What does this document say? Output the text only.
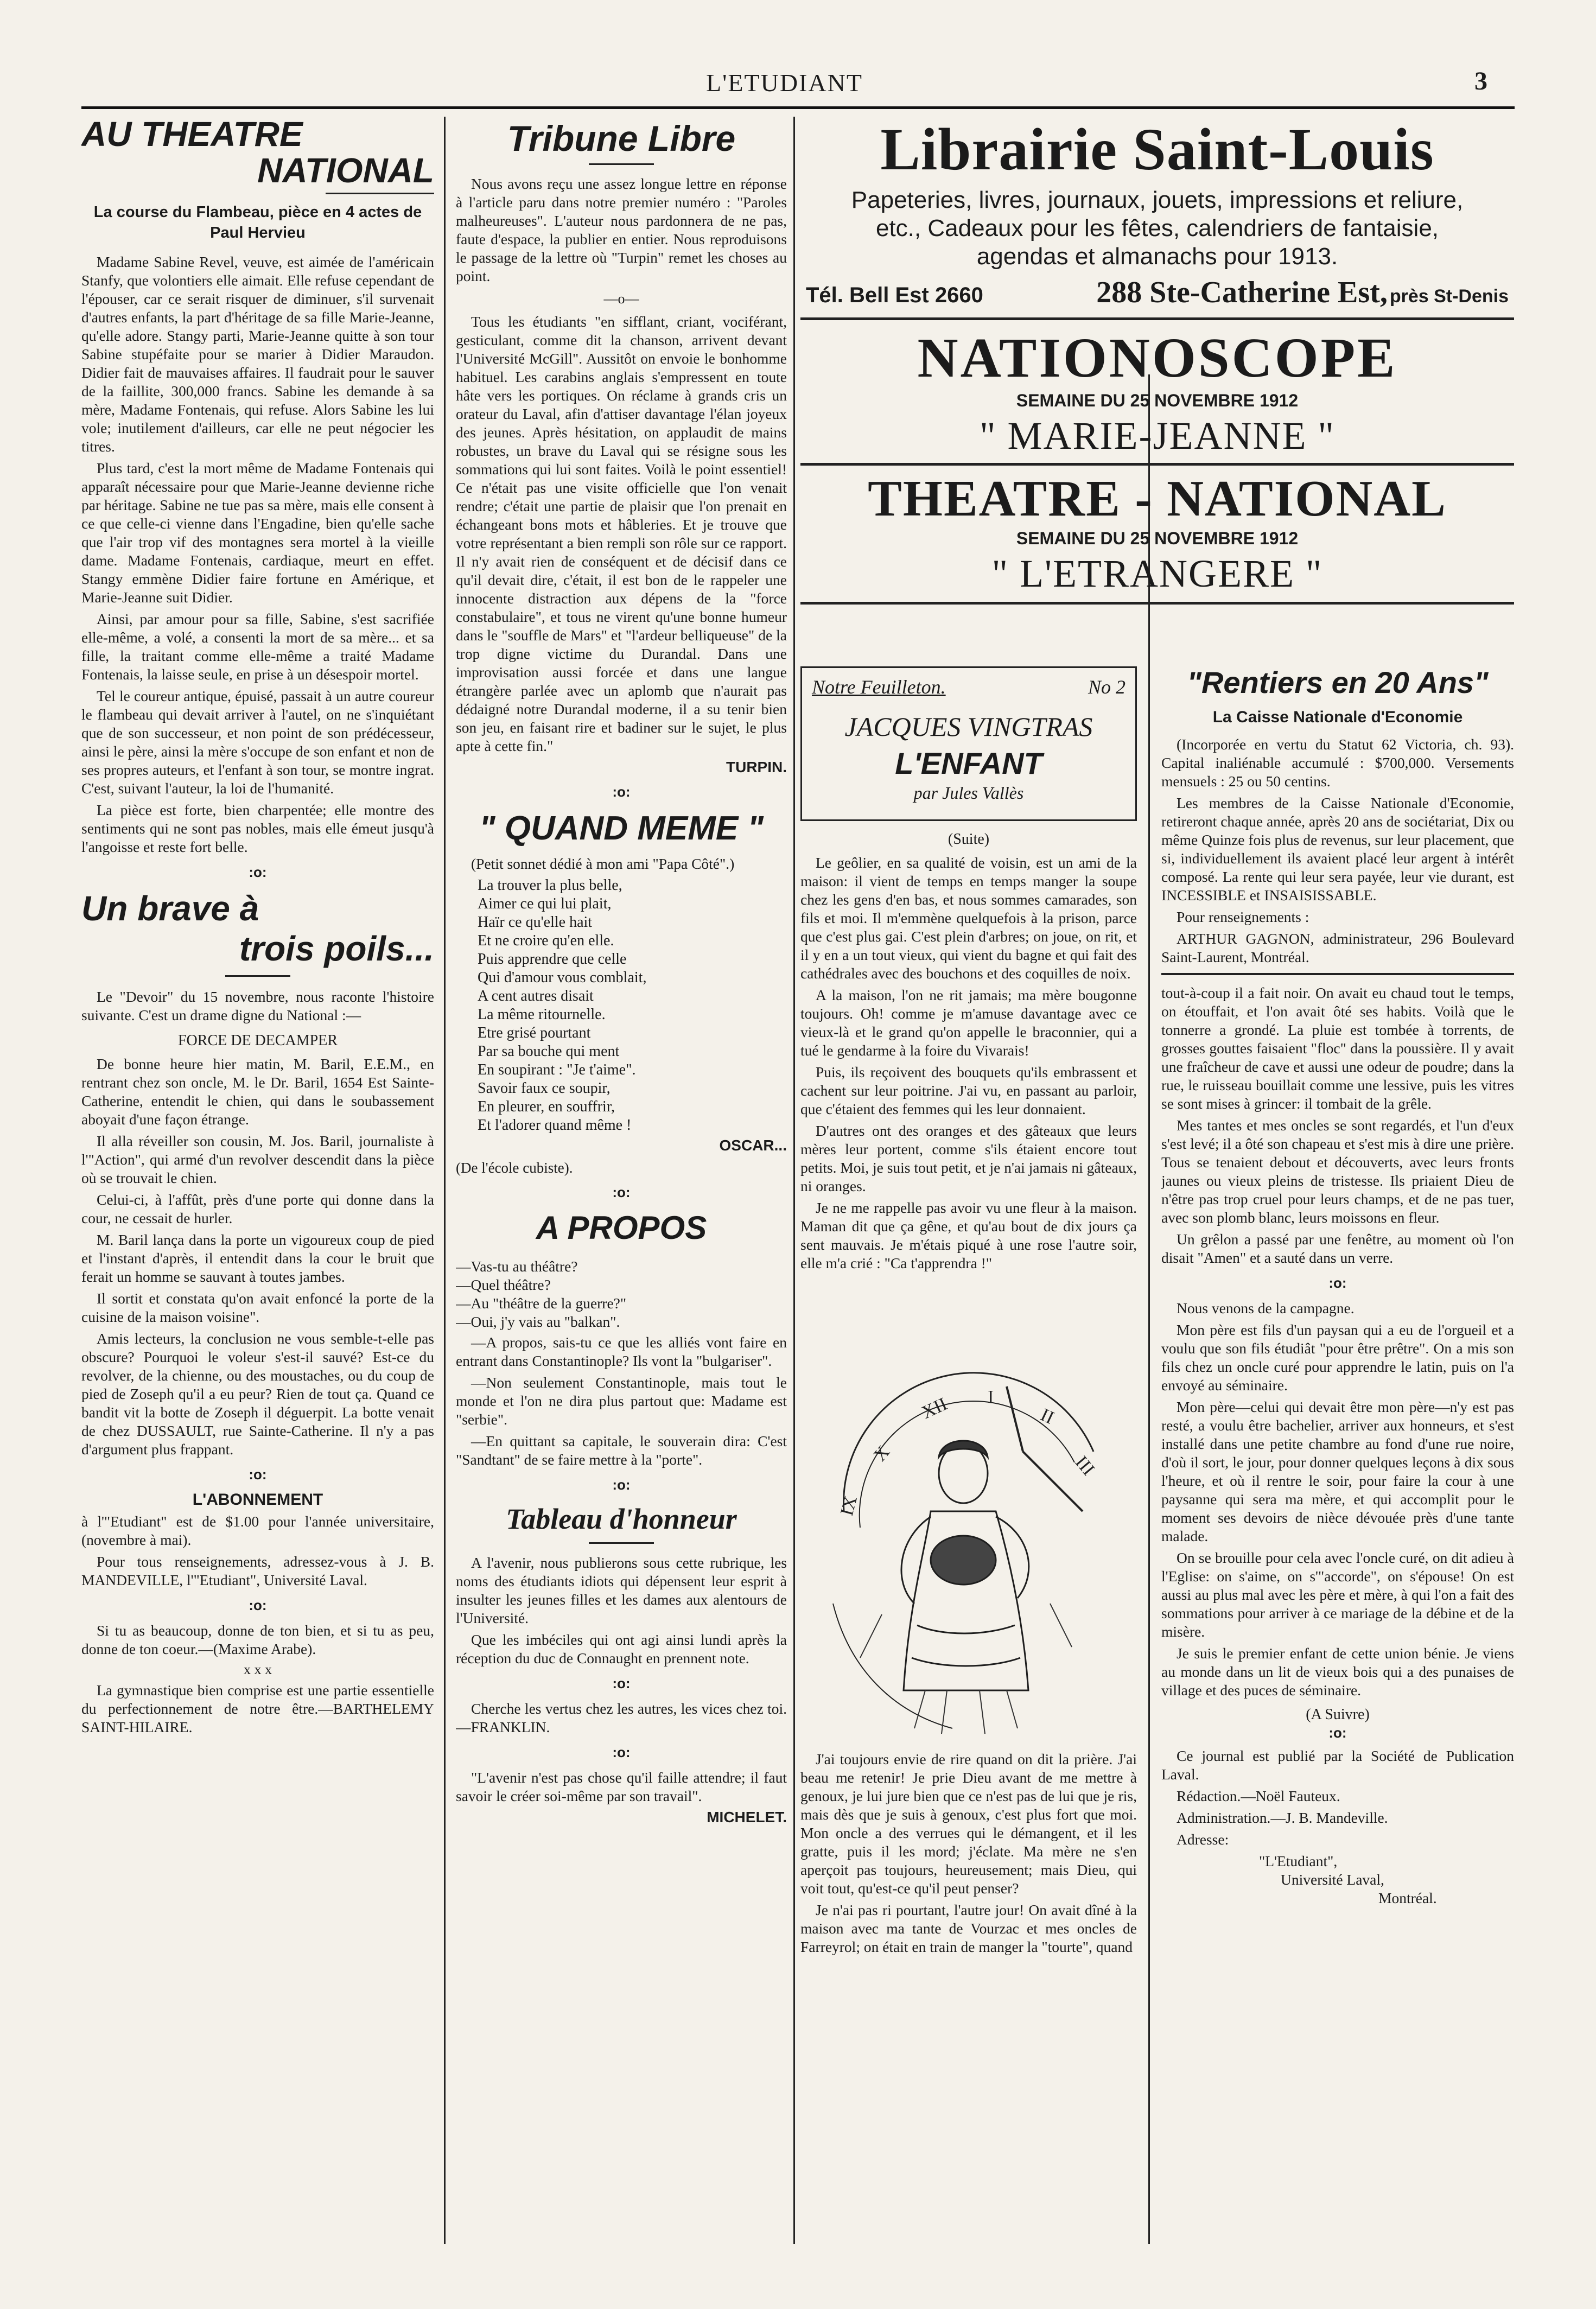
L'ETUDIANT	3
AU THEATRE
NATIONAL
La course du Flambeau, pièce en 4 actes de Paul Hervieu

Madame Sabine Revel, veuve, est aimée de l'américain Stanfy, que volontiers elle aimait. Elle refuse cependant de l'épouser, car ce serait risquer de diminuer, s'il survenait d'autres enfants, la part d'héritage de sa fille Marie-Jeanne, qu'elle adore. Stangy parti, Marie-Jeanne quitte à son tour Sabine stupéfaite pour se marier à Didier Maraudon. Didier fait de mauvaises affaires. Il faudrait pour le sauver de la faillite, 300,000 francs. Sabine les demande à sa mère, Madame Fontenais, qui refuse. Alors Sabine les lui vole; inutilement d'ailleurs, car elle ne peut négocier les titres.

Plus tard, c'est la mort même de Madame Fontenais qui apparaît nécessaire pour que Marie-Jeanne devienne riche par héritage. Sabine ne tue pas sa mère, mais elle consent à ce que celle-ci vienne dans l'Engadine, bien qu'elle sache que l'air trop vif des montagnes sera mortel à la vieille dame. Madame Fontenais, cardiaque, meurt en effet. Stangy emmène Didier faire fortune en Amérique, et Marie-Jeanne suit Didier.

Ainsi, par amour pour sa fille, Sabine, s'est sacrifiée elle-même, a volé, a consenti la mort de sa mère... et sa fille, la traitant comme elle-même a traité Madame Fontenais, la laisse seule, en prise à un désespoir mortel.

Tel le coureur antique, épuisé, passait à un autre coureur le flambeau qui devait arriver à l'autel, on ne s'inquiétant que de son successeur, et non point de son prédécesseur, ainsi le père, ainsi la mère s'occupe de son enfant et non de ses propres auteurs, et l'enfant à son tour, se montre ingrat. C'est, suivant l'auteur, la loi de l'humanité.

La pièce est forte, bien charpentée; elle montre des sentiments qui ne sont pas nobles, mais elle émeut jusqu'à l'angoisse et reste fort belle.

:o:
Un brave à
trois poils...

Le "Devoir" du 15 novembre, nous raconte l'histoire suivante. C'est un drame digne du National :—

FORCE DE DECAMPER

De bonne heure hier matin, M. Baril, E.E.M., en rentrant chez son oncle, M. le Dr. Baril, 1654 Est Sainte-Catherine, entendit le chien, qui dans le soubassement aboyait d'une façon étrange.

Il alla réveiller son cousin, M. Jos. Baril, journaliste à l'"Action", qui armé d'un revolver descendit dans la pièce où se trouvait le chien.

Celui-ci, à l'affût, près d'une porte qui donne dans la cour, ne cessait de hurler.

M. Baril lança dans la porte un vigoureux coup de pied et l'instant d'après, il entendit dans la cour le bruit que ferait un homme se sauvant à toutes jambes.

Il sortit et constata qu'on avait enfoncé la porte de la cuisine de la maison voisine".

Amis lecteurs, la conclusion ne vous semble-t-elle pas obscure? Pourquoi le voleur s'est-il sauvé? Est-ce du revolver, de la chienne, ou des moustaches, ou du coup de pied de Zoseph qu'il a eu peur? Rien de tout ça. Quand ce bandit vit la botte de Zoseph il déguerpit. La botte venait de chez DUSSAULT, rue Sainte-Catherine. Il n'y a pas d'argument plus frappant.

:o:
L'ABONNEMENT

à l'"Etudiant" est de $1.00 pour l'année universitaire, (novembre à mai).

Pour tous renseignements, adressez-vous à J. B. MANDEVILLE, l'"Etudiant", Université Laval.

:o:

Si tu as beaucoup, donne de ton bien, et si tu as peu, donne de ton coeur.—(Maxime Arabe).

x x x

La gymnastique bien comprise est une partie essentielle du perfectionnement de notre être.—BARTHELEMY SAINT-HILAIRE.

Tribune Libre

Nous avons reçu une assez longue lettre en réponse à l'article paru dans notre premier numéro : "Paroles malheureuses". L'auteur nous pardonnera de ne pas, faute d'espace, la publier en entier. Nous reproduisons le passage de la lettre où "Turpin" remet les choses au point.

—o—

Tous les étudiants "en sifflant, criant, vociférant, gesticulant, comme dit la chanson, arrivent devant l'Université McGill". Aussitôt on envoie le bonhomme habituel. Les carabins anglais s'empressent en toute hâte vers les portiques. On réclame à grands cris un orateur du Laval, afin d'attiser davantage l'élan joyeux des jeunes. Après hésitation, on applaudit de mains robustes, un brave du Laval qui se résigne sous les sommations qui lui sont faites. Voilà le point essentiel! Ce n'était pas une visite officielle que l'on venait rendre; c'était une partie de plaisir que l'on prenait en échangeant bons mots et hâbleries. Et je trouve que votre représentant a bien rempli son rôle sur ce rapport. Il n'y avait rien de conséquent et de décisif dans ce qu'il devait dire, c'était, il est bon de le rappeler une innocente distraction aux dépens de la "force constabulaire", et tous ne virent qu'une bonne humeur dans le "souffle de Mars" et "l'ardeur belliqueuse" de la trop digne victime du Durandal. Dans une improvisation aussi forcée et dans une langue étrangère parlée avec un aplomb que n'aurait pas dédaigné notre Durandal moderne, il a su tenir bien son jeu, en faisant rire et badiner sur le sujet, le plus apte à cette fin."

TURPIN.
:o:
" QUAND MEME "

(Petit sonnet dédié à mon ami "Papa Côté".)

La trouver la plus belle,
Aimer ce qui lui plait,
Haïr ce qu'elle hait
Et ne croire qu'en elle.
Puis apprendre que celle
Qui d'amour vous comblait,
A cent autres disait
La même ritournelle.
Etre grisé pourtant
Par sa bouche qui ment
En soupirant : "Je t'aime".
Savoir faux ce soupir,
En pleurer, en souffrir,
Et l'adorer quand même !
OSCAR...
(De l'école cubiste).
:o:
A PROPOS
—Vas-tu au théâtre?
—Quel théâtre?
—Au "théâtre de la guerre?"
—Oui, j'y vais au "balkan".

—A propos, sais-tu ce que les alliés vont faire en entrant dans Constantinople? Ils vont la "bulgariser".

—Non seulement Constantinople, mais tout le monde et l'on ne dira plus partout que: Madame est "serbie".

—En quittant sa capitale, le souverain dira: C'est "Sandtant" de se faire mettre à la "porte".

:o:
Tableau d'honneur

A l'avenir, nous publierons sous cette rubrique, les noms des étudiants idiots qui dépensent leur esprit à insulter les jeunes filles et les dames aux alentours de l'Université.

Que les imbéciles qui ont agi ainsi lundi après la réception du duc de Connaught en prennent note.

:o:

Cherche les vertus chez les autres, les vices chez toi.—FRANKLIN.

:o:

"L'avenir n'est pas chose qu'il faille attendre; il faut savoir le créer soi-même par son travail".

MICHELET.
Librairie Saint-Louis
Papeteries, livres, journaux, jouets, impressions et reliure, etc., Cadeaux pour les fêtes, calendriers de fantaisie, agendas et almanachs pour 1913.
Tél. Bell Est 2660	288 Ste-Catherine Est, près St-Denis
NATIONOSCOPE
SEMAINE DU 25 NOVEMBRE 1912
" MARIE-JEANNE "
THEATRE - NATIONAL
SEMAINE DU 25 NOVEMBRE 1912
" L'ETRANGERE "
Notre Feuilleton.	No 2
JACQUES VINGTRAS
L'ENFANT
par Jules Vallès
(Suite)

Le geôlier, en sa qualité de voisin, est un ami de la maison: il vient de temps en temps manger la soupe chez les gens d'en bas, et nous sommes camarades, son fils et moi. Il m'emmène quelquefois à la prison, parce que c'est plus gai. C'est plein d'arbres; on joue, on rit, et il y en a un tout vieux, qui vient du bagne et qui fait des cathédrales avec des bouchons et des coquilles de noix.

A la maison, l'on ne rit jamais; ma mère bougonne toujours. Oh! comme je m'amuse davantage avec ce vieux-là et le grand qu'on appelle le braconnier, qui a tué le gendarme à la foire du Vivarais!

Puis, ils reçoivent des bouquets qu'ils embrassent et cachent sur leur poitrine. J'ai vu, en passant au parloir, que c'étaient des femmes qui les leur donnaient.

D'autres ont des oranges et des gâteaux que leurs mères leur portent, comme s'ils étaient encore tout petits. Moi, je suis tout petit, et je n'ai jamais ni gâteaux, ni oranges.

Je ne me rappelle pas avoir vu une fleur à la maison. Maman dit que ça gêne, et qu'au bout de dix jours ça sent mauvais. Je m'étais piqué à une rose l'autre soir, elle m'a crié : "Ca t'apprendra !"

X
XII I
II
III
IX

J'ai toujours envie de rire quand on dit la prière. J'ai beau me retenir! Je prie Dieu avant de me mettre à genoux, je lui jure bien que ce n'est pas de lui que je ris, mais dès que je suis à genoux, c'est plus fort que moi. Mon oncle a des verrues qui le démangent, et il les gratte, puis il les mord; j'éclate. Ma mère ne s'en aperçoit pas toujours, heureusement; mais Dieu, qui voit tout, qu'est-ce qu'il peut penser?

Je n'ai pas ri pourtant, l'autre jour! On avait dîné à la maison avec ma tante de Vourzac et mes oncles de Farreyrol; on était en train de manger la "tourte", quand

"Rentiers en 20 Ans"
La Caisse Nationale d'Economie

(Incorporée en vertu du Statut 62 Victoria, ch. 93). Capital inaliénable accumulé : $700,000. Versements mensuels : 25 ou 50 centins.

Les membres de la Caisse Nationale d'Economie, retireront chaque année, après 20 ans de sociétariat, Dix ou même Quinze fois plus de revenus, sur leur placement, que si, individuellement ils avaient placé leur argent à intérêt composé. La rente qui leur sera payée, leur vie durant, est INCESSIBLE et INSAISISSABLE.

Pour renseignements :

ARTHUR GAGNON, administrateur, 296 Boulevard Saint-Laurent, Montréal.

tout-à-coup il a fait noir. On avait eu chaud tout le temps, on étouffait, et l'on avait ôté ses habits. Voilà que le tonnerre a grondé. La pluie est tombée à torrents, de grosses gouttes faisaient "floc" dans la poussière. Il y avait une fraîcheur de cave et aussi une odeur de poudre; dans la rue, le ruisseau bouillait comme une lessive, puis les vitres se sont mises à grincer: il tombait de la grêle.

Mes tantes et mes oncles se sont regardés, et l'un d'eux s'est levé; il a ôté son chapeau et s'est mis à dire une prière. Tous se tenaient debout et découverts, avec leurs fronts jaunes ou vieux pleins de tristesse. Ils priaient Dieu de n'être pas trop cruel pour leurs champs, et de ne pas tuer, avec son plomb blanc, leurs moissons en fleur.

Un grêlon a passé par une fenêtre, au moment où l'on disait "Amen" et a sauté dans un verre.

:o:

Nous venons de la campagne.

Mon père est fils d'un paysan qui a eu de l'orgueil et a voulu que son fils étudiât "pour être prêtre". On a mis son fils chez un oncle curé pour apprendre le latin, puis on l'a envoyé au séminaire.

Mon père—celui qui devait être mon père—n'y est pas resté, a voulu être bachelier, arriver aux honneurs, et s'est installé dans une petite chambre au fond d'une rue noire, d'où il sort, le jour, pour donner quelques leçons à dix sous l'heure, et où il rentre le soir, pour faire la cour à une paysanne qui sera ma mère, et qui accomplit pour le moment ses devoirs de nièce dévouée près d'une tante malade.

On se brouille pour cela avec l'oncle curé, on dit adieu à l'Eglise: on s'aime, on s'"accorde", on s'épouse! On est aussi au plus mal avec les père et mère, à qui l'on a fait des sommations pour arriver à ce mariage de la débine et de la misère.

Je suis le premier enfant de cette union bénie. Je viens au monde dans un lit de vieux bois qui a des punaises de village et des puces de séminaire.

(A Suivre)
:o:

Ce journal est publié par la Société de Publication Laval.

Rédaction.—Noël Fauteux.

Administration.—J. B. Mandeville.

Adresse:

"L'Etudiant",
Université Laval,
Montréal.
